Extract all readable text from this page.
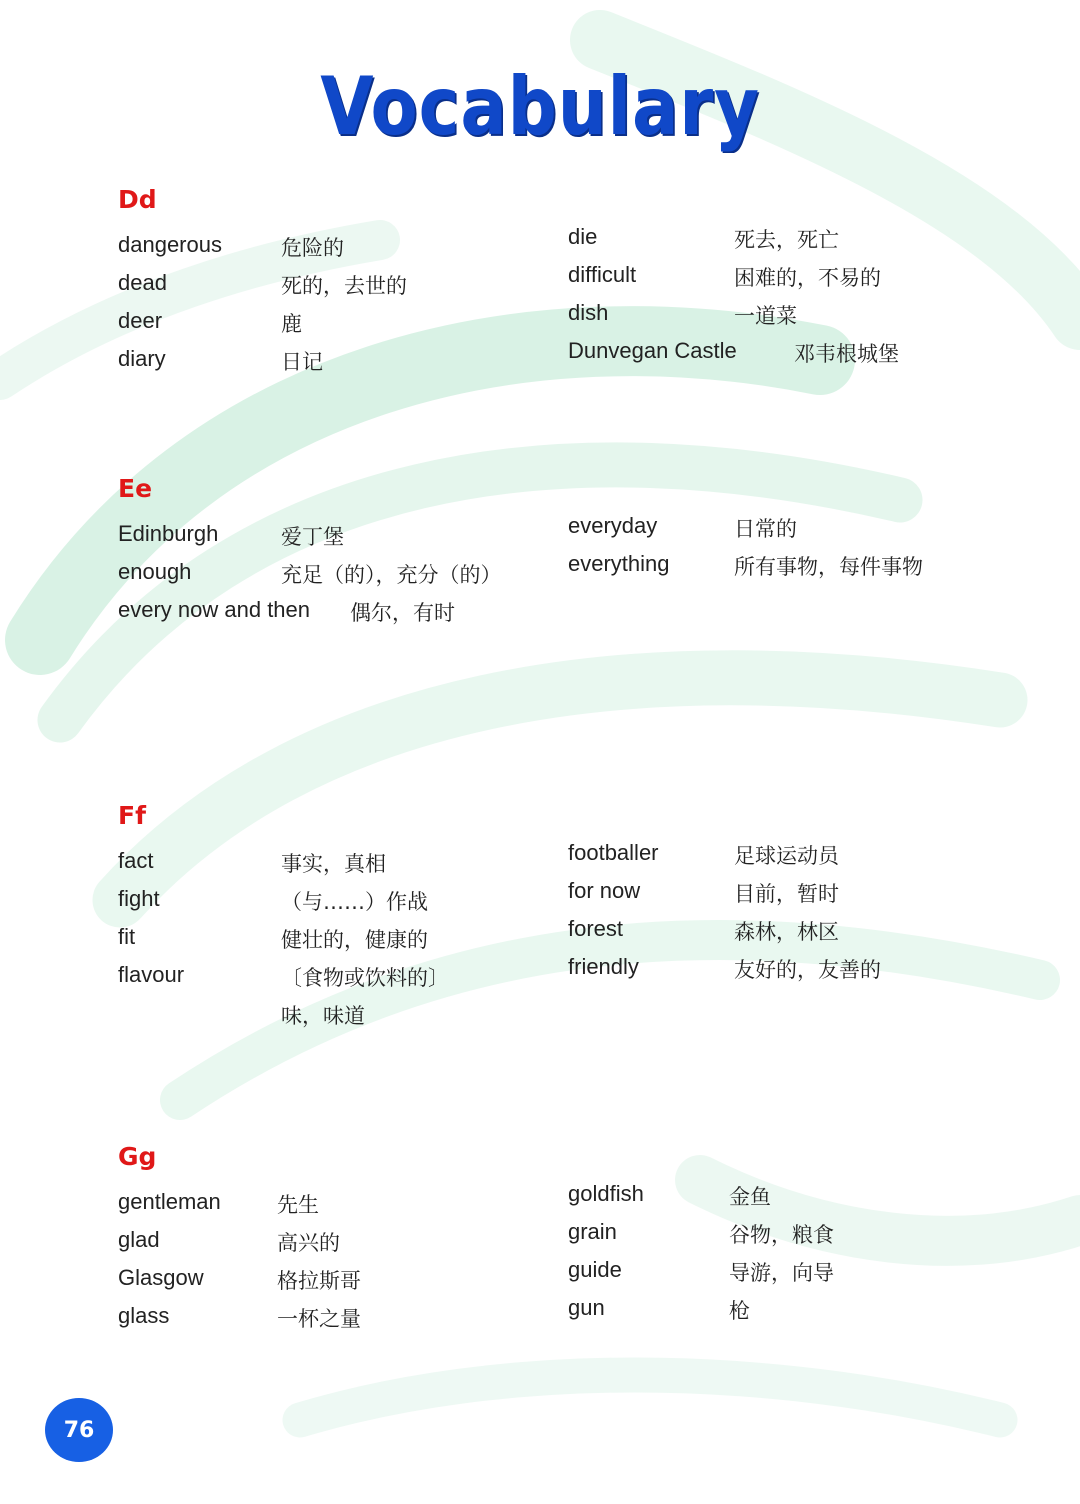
Vocabulary
Dd
dangerous	危险的
dead	死的，去世的
deer	鹿
diary	日记
die	死去，死亡
difficult	困难的，不易的
dish	一道菜
Dunvegan Castle	邓韦根城堡
Ee
Edinburgh	爱丁堡
enough	充足（的），充分（的）
every now and then 偶尔，有时
everyday	日常的
everything	所有事物，每件事物
Ff
fact	事实，真相
fight	（与……）作战
fit	健壮的，健康的
flavour	〔食物或饮料的〕
味，味道
footballer	足球运动员
for now	目前，暂时
forest	森林，林区
friendly	友好的，友善的
Gg
gentleman	先生
glad	高兴的
Glasgow	格拉斯哥
glass	一杯之量
goldfish	金鱼
grain	谷物，粮食
guide	导游，向导
gun	枪
76
